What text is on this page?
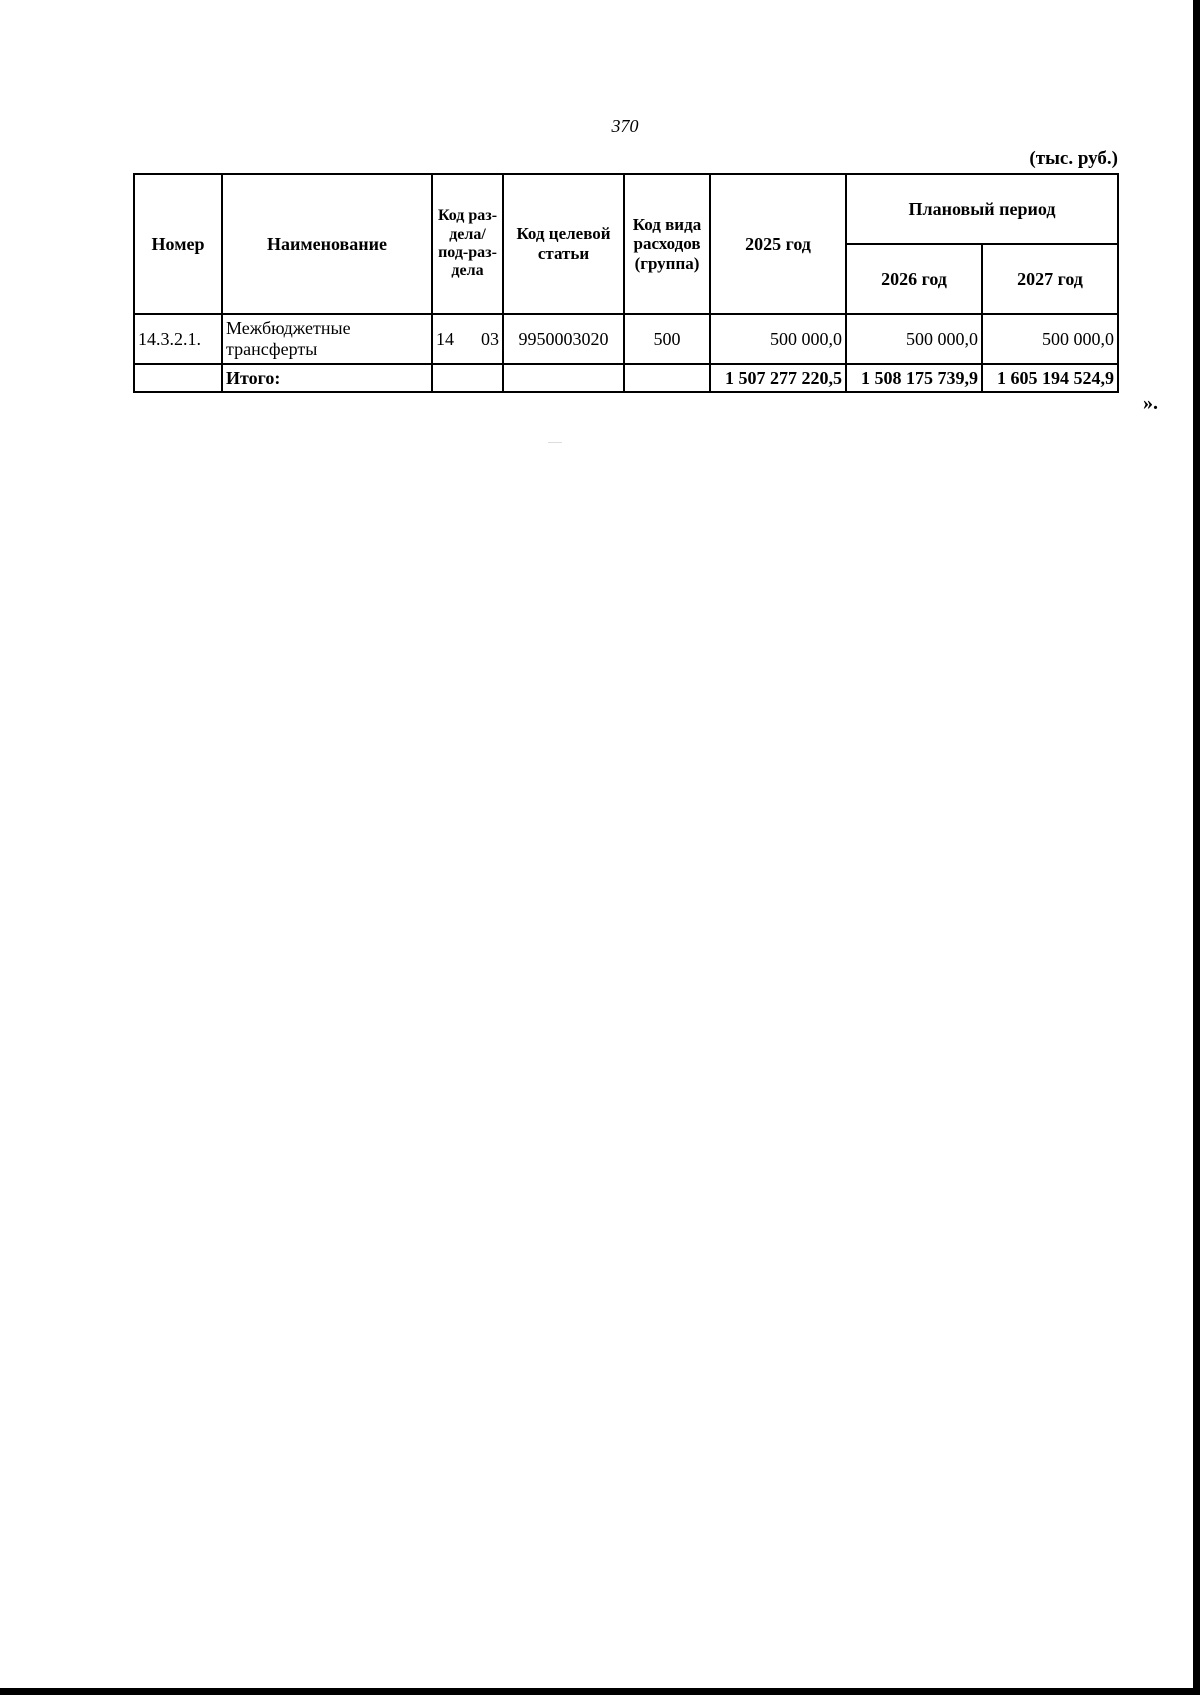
370
(тыс. руб.)
Номер	Наименование	Код раз-дела/ под-раз-дела	Код целевой статьи	Код вида расходов (группа)	2025 год	Плановый период	
						2026 год	2027 год
14.3.2.1.	Межбюджетные трансферты	14 03	9950003020	500	500 000,0	500 000,0	500 000,0
	Итого:				1 507 277 220,5	1 508 175 739,9	1 605 194 524,9
».
